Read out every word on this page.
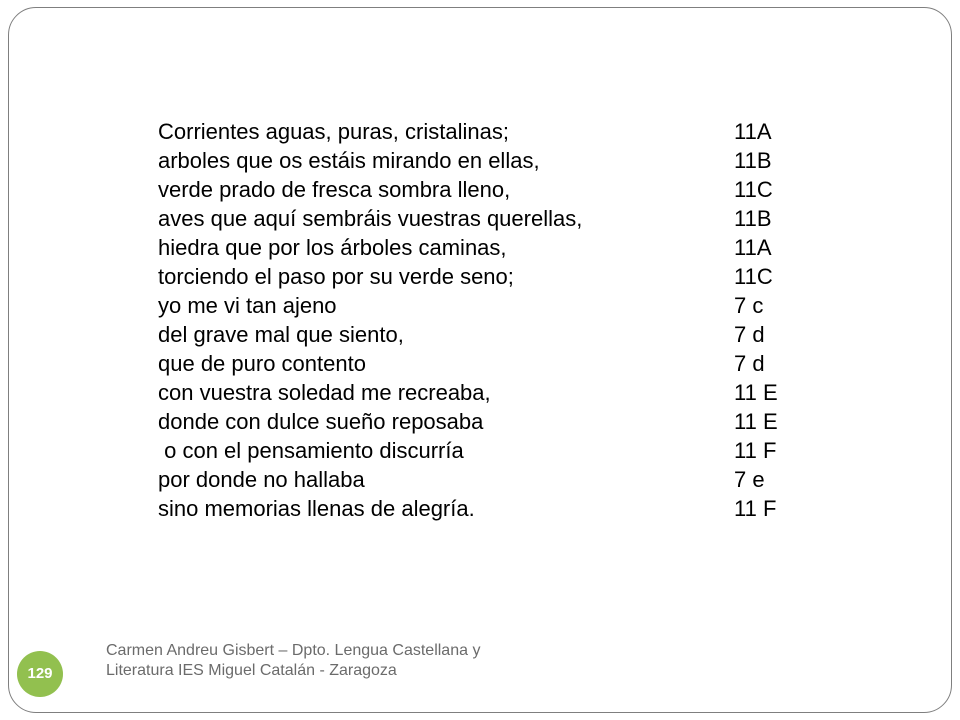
Corrientes aguas, puras, cristalinas;	11A
arboles que os estáis mirando en ellas,	11B
verde prado de fresca sombra lleno,	11C
aves que aquí sembráis vuestras querellas,	11B
hiedra que por los árboles caminas,	11A
torciendo el paso por su verde seno;	11C
yo me vi tan ajeno	7 c
del grave mal que siento,	7 d
que de puro contento	7 d
con vuestra soledad me recreaba,	11 E
donde con dulce sueño reposaba	11 E
o con el pensamiento discurría	11 F
por donde no hallaba	7 e
sino memorias llenas de alegría.	11 F
Carmen Andreu Gisbert – Dpto. Lengua Castellana y Literatura IES Miguel Catalán - Zaragoza
129
